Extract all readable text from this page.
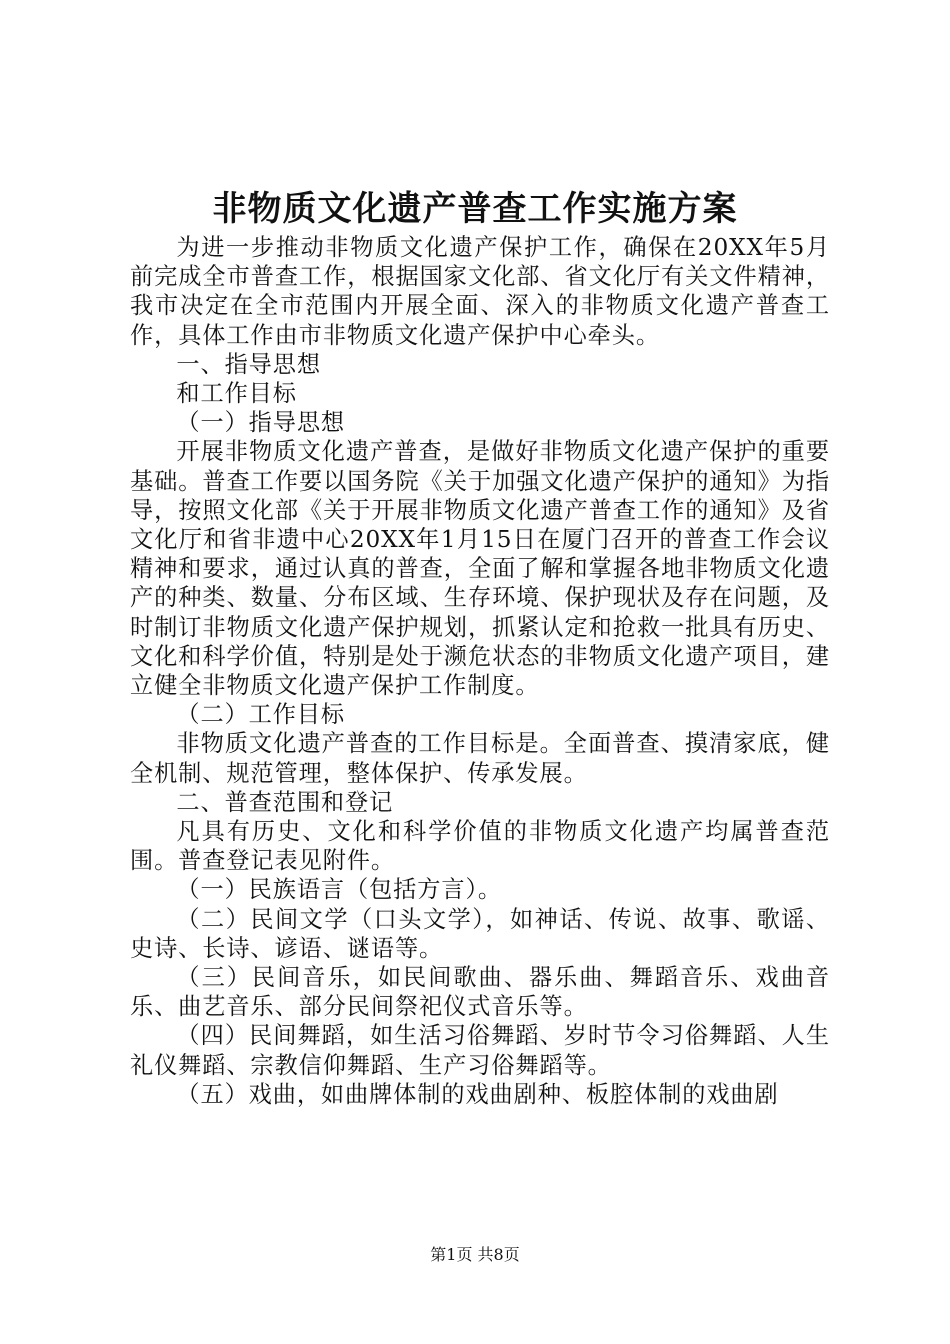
非物质文化遗产普查工作实施方案

为进一步推动非物质文化遗产保护工作，确保在20XX年5月前完成全市普查工作，根据国家文化部、省文化厅有关文件精神，我市决定在全市范围内开展全面、深入的非物质文化遗产普查工作，具体工作由市非物质文化遗产保护中心牵头。

一、指导思想

和工作目标

（一）指导思想

开展非物质文化遗产普查，是做好非物质文化遗产保护的重要基础。普查工作要以国务院《关于加强文化遗产保护的通知》为指导，按照文化部《关于开展非物质文化遗产普查工作的通知》及省文化厅和省非遗中心20XX年1月15日在厦门召开的普查工作会议精神和要求，通过认真的普查，全面了解和掌握各地非物质文化遗产的种类、数量、分布区域、生存环境、保护现状及存在问题，及时制订非物质文化遗产保护规划，抓紧认定和抢救一批具有历史、文化和科学价值，特别是处于濒危状态的非物质文化遗产项目，建立健全非物质文化遗产保护工作制度。

（二）工作目标

非物质文化遗产普查的工作目标是。全面普查、摸清家底，健全机制、规范管理，整体保护、传承发展。

二、普查范围和登记

凡具有历史、文化和科学价值的非物质文化遗产均属普查范围。普查登记表见附件。

（一）民族语言（包括方言）。

（二）民间文学（口头文学），如神话、传说、故事、歌谣、史诗、长诗、谚语、谜语等。

（三）民间音乐，如民间歌曲、器乐曲、舞蹈音乐、戏曲音乐、曲艺音乐、部分民间祭祀仪式音乐等。

（四）民间舞蹈，如生活习俗舞蹈、岁时节令习俗舞蹈、人生礼仪舞蹈、宗教信仰舞蹈、生产习俗舞蹈等。

（五）戏曲，如曲牌体制的戏曲剧种、板腔体制的戏曲剧

第1页 共8页
